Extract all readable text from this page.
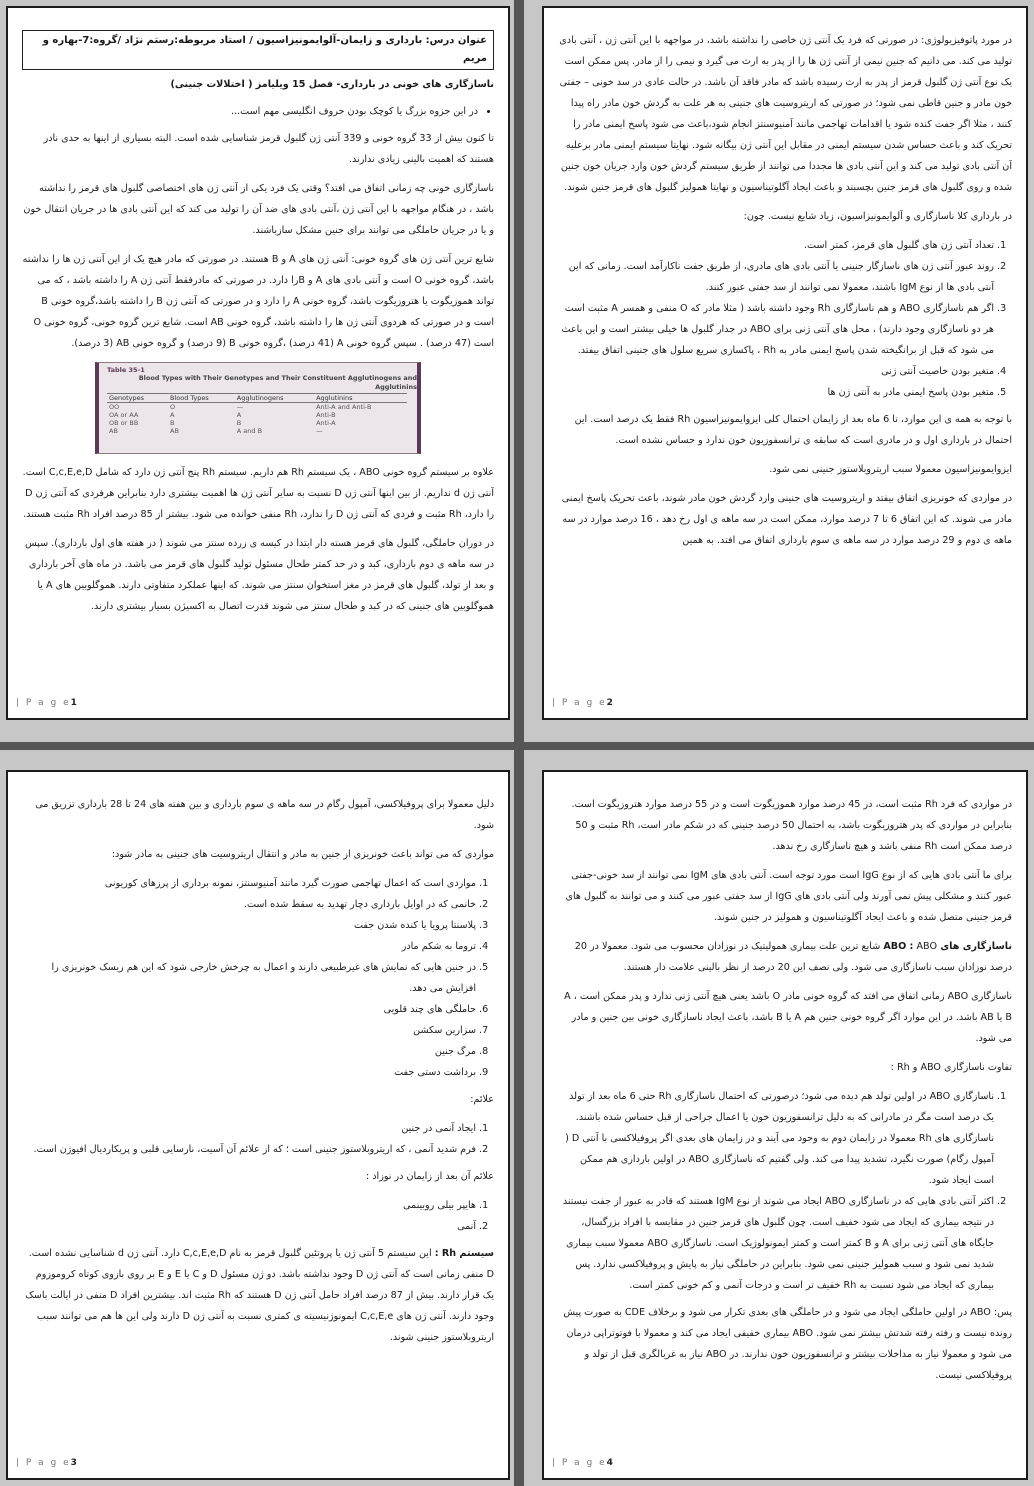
عنوان درس: بارداری و زایمان-آلوایمونیزاسیون / استاد مربوطه:رستم نژاد /گروه:7-بهاره و مریم
ناسازگاری های خونی در بارداری- فصل 15 ویلیامز ( اختلالات جنینی)
• در این جزوه بزرگ یا کوچک بودن حروف انگلیسی مهم است...

تا کنون بیش از 33 گروه خونی و 339 آنتی ژن گلبول قرمز شناسایی شده است. البته بسیاری از اینها به حدی نادر هستند که اهمیت بالینی زیادی ندارند.

ناسازگاری خونی چه زمانی اتفاق می افتد؟ وقتی یک فرد یکی از آنتی ژن های اختصاصی گلبول های قرمز را نداشته باشد ، در هنگام مواجهه با این آنتی ژن ،آنتی بادی های ضد آن را تولید می کند که این آنتی بادی ها در جریان انتقال خون و یا در جریان حاملگی می توانند برای جنین مشکل سازباشند.

شایع ترین آنتی ژن های گروه خونی: آنتی ژن های A و B هستند. در صورتی که مادر هیچ یک از این آنتی ژن ها را نداشته باشد، گروه خونی O است و آنتی بادی های A و Bرا دارد. در صورتی که مادرفقط آنتی ژن A را داشته باشد ، که می تواند هموزیگوت یا هتروزیگوت باشد، گروه خونی A را دارد و در صورتی که آنتی ژن B را داشته باشد،گروه خونی B است و در صورتی که هردوی آنتی ژن ها را داشته باشد، گروه خونی AB است. شایع ترین گروه خونی، گروه خونی O است (47 درصد) . سپس گروه خونی A (41 درصد) ،گروه خونی B (9 درصد) و گروه خونی AB (3 درصد).

Table 35-1
Blood Types with Their Genotypes and Their Constituent Agglutinogens and Agglutinins
Genotypes	Blood Types	Agglutinogens	Agglutinins
OO	O	—	Anti-A and Anti-B
OA or AA	A	A	Anti-B
OB or BB	B	B	Anti-A
AB	AB	A and B	—

علاوه بر سیستم گروه خونی ABO ، یک سیستم Rh هم داریم. سیستم Rh پنج آنتی ژن دارد که شامل C,c,E,e,D است. آنتی ژن d نداریم. از بین اینها آنتی ژن D نسبت به سایر آنتی ژن ها اهمیت بیشتری دارد بنابراین هرفردی که آنتی ژن D را دارد، Rh مثبت و فردی که آنتی ژن D را ندارد، Rh منفی خوانده می شود. بیشتر از 85 درصد افراد Rh مثبت هستند.

در دوران حاملگی، گلبول های قرمز هسته دار ابتدا در کیسه ی زرده سنتز می شوند ( در هفته های اول بارداری). سپس در سه ماهه ی دوم بارداری، کبد و در حد کمتر طحال مسئول تولید گلبول های قرمز می باشد. در ماه های آخر بارداری و بعد از تولد، گلبول های قرمز در مغز استخوان سنتز می شوند. که اینها عملکرد متفاوتی دارند. هموگلوبین های A یا هموگلوبین های جنینی که در کبد و طحال سنتز می شوند قدرت اتصال به اکسیژن بسیار بیشتری دارند.

| P a g e1

در مورد پاتوفیزیولوژی: در صورتی که فرد یک آنتی ژن خاصی را نداشته باشد، در مواجهه با این آنتی ژن ، آنتی بادی تولید می کند. می دانیم که جنین نیمی از آنتی ژن ها را از پدر به ارث می گیرد و نیمی را از مادر. پس ممکن است یک نوع آنتی ژن گلبول قرمز از پدر به ارث رسیده باشد که مادر فاقد آن باشد. در حالت عادی در سد خونی – جفتی خون مادر و جنین قاطی نمی شود؛ در صورتی که اریتروسیت های جنینی به هر علت به گردش خون مادر راه پیدا کنند ، مثلا اگر جفت کنده شود یا اقدامات تهاجمی مانند آمنیوسنتز انجام شود،باعث می شود پاسخ ایمنی مادر را تحریک کند و باعث حساس شدن سیستم ایمنی در مقابل این آنتی ژن بیگانه شود. نهایتا سیستم ایمنی مادر برعلیه آن آنتی بادی تولید می کند و این آنتی بادی ها مجددا می توانند از طریق سیستم گردش خون وارد جریان خون جنین شده و روی گلبول های قرمز جنین بچسبند و باعث ایجاد آگلوتیناسیون و نهایتا همولیز گلبول های قرمز جنین شوند.

در بارداری کلا ناسازگاری و آلوایمونیزاسیون، زیاد شایع نیست. چون:

1. تعداد آنتی ژن های گلبول های قرمز، کمتر است.
2. روند عبور آنتی ژن های ناسازگار جنینی یا آنتی بادی های مادری، از طریق جفت ناکارآمد است. زمانی که این آنتی بادی ها از نوع IgM باشند، معمولا نمی توانند از سد جفتی عبور کنند.
3. اگر هم ناسازگاری ABO و هم ناسازگاری Rh وجود داشته باشد ( مثلا مادر که O منفی و همسر A مثبت است هر دو ناسازگاری وجود دارند) ، محل های آنتی ژنی برای ABO در جدار گلبول ها خیلی بیشتر است و این باعث می شود که قبل از برانگیخته شدن پاسخ ایمنی مادر به Rh ، پاکسازی سریع سلول های جنینی اتفاق بیفتد.
4. متغیر بودن خاصیت آنتی ژنی
5. متغیر بودن پاسخ ایمنی مادر به آنتی ژن ها

با توجه به همه ی این موارد، تا 6 ماه بعد از زایمان احتمال کلی ایزوایمونیزاسیون Rh فقط یک درصد است. این احتمال در بارداری اول و در مادری است که سابقه ی ترانسفوزیون خون ندارد و حساس نشده است.

ایزوایمونیزاسیون معمولا سبب اریتروبلاستوز جنینی نمی شود.

در مواردی که خونریزی اتفاق بیفتد و اریتروسیت های جنینی وارد گردش خون مادر شوند، باعث تحریک پاسخ ایمنی مادر می شوند. که این اتفاق 6 تا 7 درصد موارد، ممکن است در سه ماهه ی اول رخ دهد ، 16 درصد موارد در سه ماهه ی دوم و 29 درصد موارد در سه ماهه ی سوم بارداری اتفاق می افتد. به همین

| P a g e2

دلیل معمولا برای پروفیلاکسی، آمپول رگام در سه ماهه ی سوم بارداری و بین هفته های 24 تا 28 بارداری تزریق می شود.

مواردی که می تواند باعث خونریزی از جنین به مادر و انتقال اریتروسیت های جنینی به مادر شود:

1. مواردی است که اعمال تهاجمی صورت گیرد مانند آمنیوسنتز، نمونه برداری از پرزهای کوریونی
2. خانمی که در اوایل بارداری دچار تهدید به سقط شده است.
3. پلاسنتا پرویا یا کنده شدن جفت
4. تروما به شکم مادر
5. در جنین هایی که نمایش های غیرطبیعی دارند و اعمال به چرخش خارجی شود که این هم ریسک خونریزی را افزایش می دهد.
6. حاملگی های چند قلویی
7. سزارین سکشن
8. مرگ جنین
9. برداشت دستی جفت

علائم:

1. ایجاد آنمی در جنین
2. فرم شدید آنمی ، که اریتروبلاستوز جنینی است ؛ که از علائم آن آسیت، نارسایی قلبی و پریکاردیال افیوژن است.

علائم آن بعد از زایمان در نوزاد :

1. هایپر بیلی روبینمی
2. آنمی

سیستم Rh : این سیستم 5 آنتی ژن یا پروتئین گلبول قرمز به نام C,c,E,e,D دارد. آنتی ژن d شناسایی نشده است. D منفی زمانی است که آنتی ژن D وجود نداشته باشد. دو ژن مسئول D و C یا E و E بر روی بازوی کوتاه کروموزوم یک قرار دارند. بیش از 87 درصد افراد حامل آنتی ژن D هستند که Rh مثبت اند. بیشترین افراد D منفی در ایالت باسک وجود دارند. آنتی ژن های C,c,E,e ایمونوژنیسیته ی کمتری نسبت به آنتی ژن D دارند ولی این ها هم می توانند سبب اریتروبلاستوز جنینی شوند.

| P a g e3

در مواردی که فرد Rh مثبت است، در 45 درصد موارد هموزیگوت است و در 55 درصد موارد هتروزیگوت است. بنابراین در مواردی که پدر هتروزیگوت باشد، به احتمال 50 درصد جنینی که در شکم مادر است، Rh مثبت و 50 درصد ممکن است Rh منفی باشد و هیچ ناسازگاری رخ ندهد.

برای ما آنتی بادی هایی که از نوع IgG است مورد توجه است. آنتی بادی های IgM نمی توانند از سد خونی-جفتی عبور کنند و مشکلی پیش نمی آورند ولی آنتی بادی های IgG از سد جفتی عبور می کنند و می توانند به گلبول های قرمز جنینی متصل شده و باعث ایجاد آگلوتیناسیون و همولیز در جنین شوند.

ناسازگاری های ABO : ABO شایع ترین علت بیماری همولیتیک در نوزادان محسوب می شود. معمولا در 20 درصد نوزادان سبب ناسازگاری می شود. ولی نصف این 20 درصد از نظر بالینی علامت دار هستند.

ناسازگاری ABO زمانی اتفاق می افتد که گروه خونی مادر O باشد یعنی هیچ آنتی ژنی ندارد و پدر ممکن است A ، B یا AB باشد. در این موارد اگر گروه خونی جنین هم A یا B باشد، باعث ایجاد ناسازگاری خونی بین جنین و مادر می شود.

تفاوت ناسازگاری ABO و Rh :

1. ناسازگاری ABO در اولین تولد هم دیده می شود؛ درصورتی که احتمال ناسازگاری Rh حتی 6 ماه بعد از تولد یک درصد است مگر در مادرانی که به دلیل ترانسفوزیون خون یا اعمال جراحی از قبل حساس شده باشند. ناسازگاری های Rh معمولا در زایمان دوم به وجود می آیند و در زایمان های بعدی اگر پروفیلاکسی با آنتی D ( آمپول رگام) صورت نگیرد، تشدید پیدا می کند. ولی گفتیم که ناسازگاری ABO در اولین بارداری هم ممکن است ایجاد شود.
2. اکثر آنتی بادی هایی که در ناسازگاری ABO ایجاد می شوند از نوع IgM هستند که قادر به عبور از جفت نیستند در نتیجه بیماری که ایجاد می شود خفیف است. چون گلبول های قرمز جنین در مقایسه با افراد بزرگسال، جایگاه های آنتی ژنی برای A و B کمتر است و کمتر ایمونولوژیک است. ناسازگاری ABO معمولا سبب بیماری شدید نمی شود و سبب همولیز جنینی نمی شود. بنابراین در حاملگی نیاز به پایش و پروفیلاکسی ندارد. پس بیماری که ایجاد می شود نسبت به Rh خفیف تر است و درجات آنمی و کم خونی کمتر است.

پس: ABO در اولین حاملگی ایجاد می شود و در حاملگی های بعدی تکرار می شود و برخلاف CDE به صورت پیش رونده نیست و رفته رفته شدتش بیشتر نمی شود. ABO بیماری خفیفی ایجاد می کند و معمولا با فوتوتراپی درمان می شود و معمولا نیاز به مداخلات بیشتر و ترانسفوزیون خون ندارند. در ABO نیاز به غربالگری قبل از تولد و پروفیلاکسی نیست.

| P a g e4
